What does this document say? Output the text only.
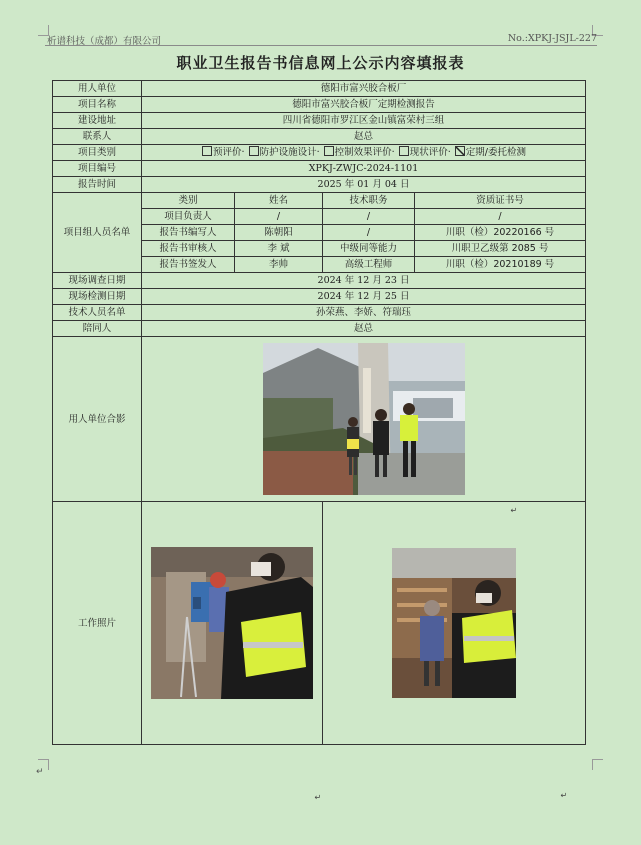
析谱科技（成都）有限公司	No.:XPKJ-JSJL-227
职业卫生报告书信息网上公示内容填报表
用人单位	德阳市富兴胶合板厂			
项目名称	德阳市富兴胶合板厂定期检测报告			
建设地址	四川省德阳市罗江区金山镇富荣村三组			
联系人	赵总			
项目类别	预评价· 防护设施设计· 控制效果评价· 现状评价· 定期/委托检测			
项目编号	XPKJ-ZWJC-2024-1101			
报告时间	2025 年 01 月 04 日			
项目组人员名单	类别	姓名	技术职务	资质证书号
	项目负责人	/	/	/
	报告书编写人	陈朝阳	/	川职（检）20220166 号
	报告书审核人	李 斌	中级同等能力	川职卫乙级第 2085 号
	报告书签发人	李帅	高级工程师	川职（检）20210189 号
现场调查日期	2024 年 12 月 23 日			
现场检测日期	2024 年 12 月 25 日			
技术人员名单	孙荣燕、李娇、符瑞珏			
陪同人	赵总			
用人单位合影	↵			

工作照片	↵		↵	
↵
